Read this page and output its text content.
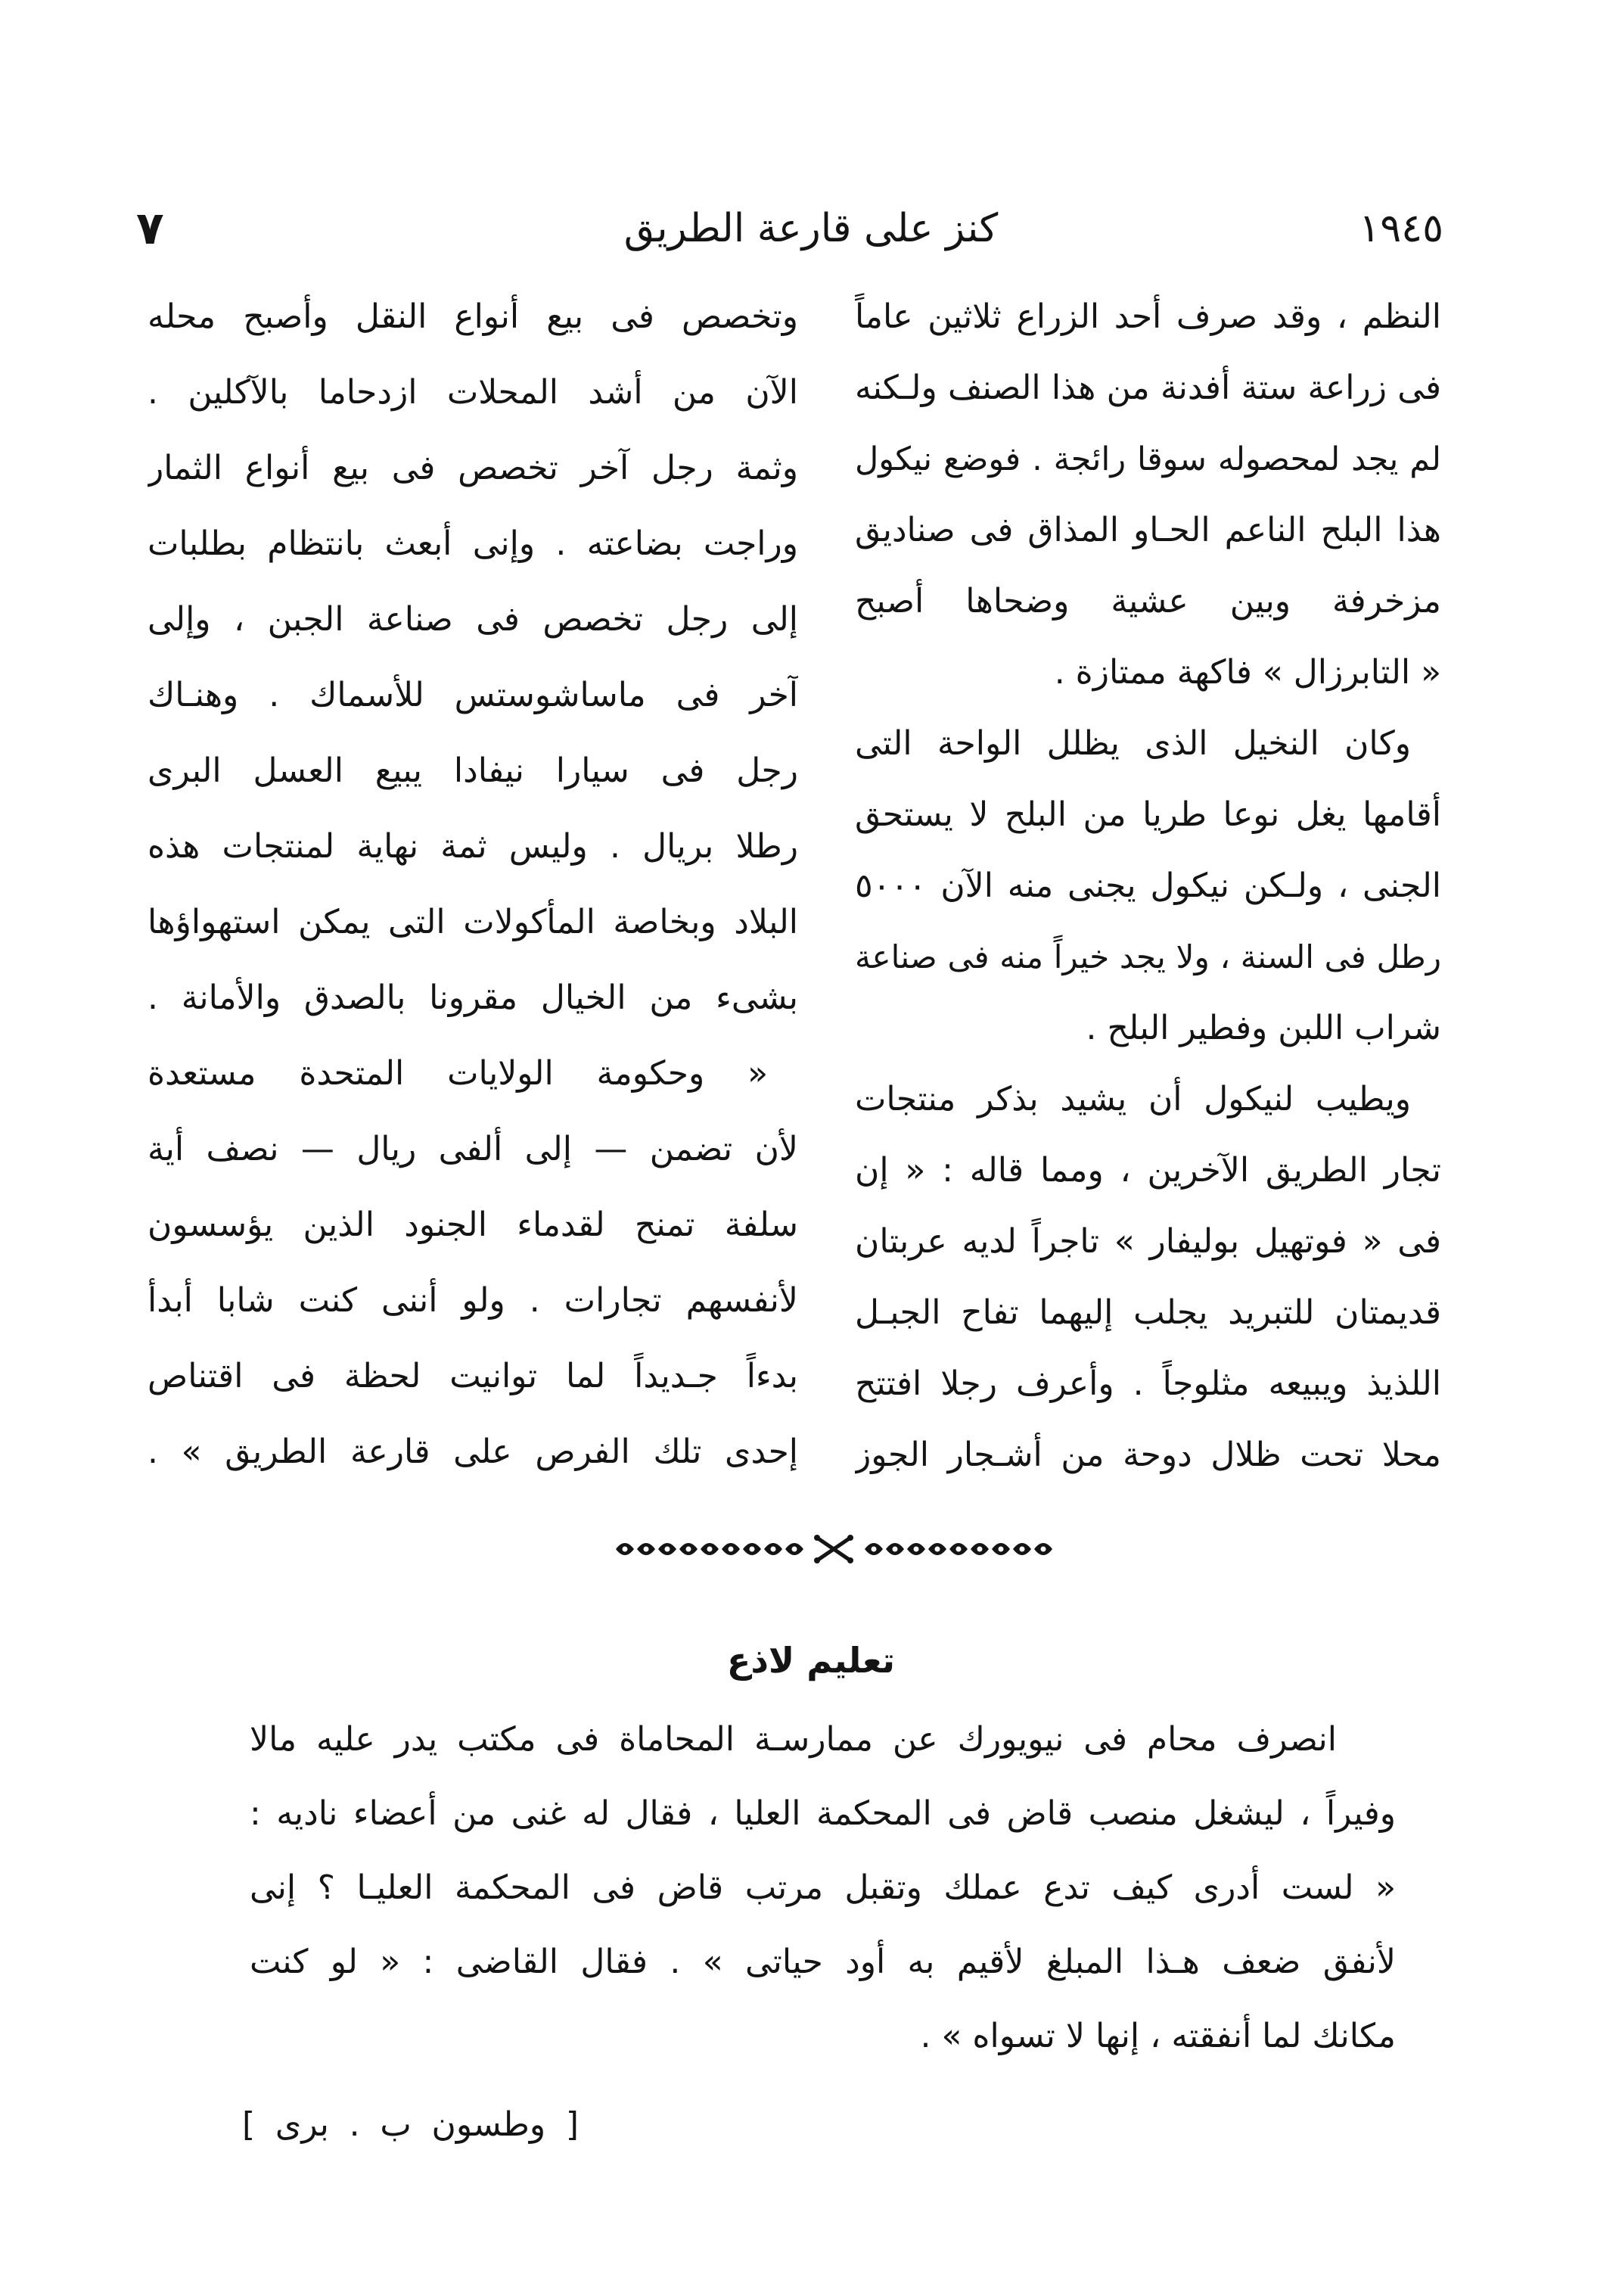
١٩٤٥
كنز على قارعة الطريق
٧
النظم ، وقد صرف أحد الزراع ثلاثين عاماً
فى زراعة ستة أفدنة من هذا الصنف ولـكنه
لم يجد لمحصوله سوقا رائجة . فوضع نيكول
هذا البلح الناعم الحـاو المذاق فى صناديق
مزخرفة وبين عشية وضحاها أصبح
« التابرزال » فاكهة ممتازة .
وكان النخيل الذى يظلل الواحة التى
أقامها يغل نوعا طريا من البلح لا يستحق
الجنى ، ولـكن نيكول يجنى منه الآن ٥٠٠٠
رطل فى السنة ، ولا يجد خيراً منه فى صناعة
شراب اللبن وفطير البلح .
ويطيب لنيكول أن يشيد بذكر منتجات
تجار الطريق الآخرين ، ومما قاله : « إن
فى « فوتهيل بوليفار » تاجراً لديه عربتان
قديمتان للتبريد يجلب إليهما تفاح الجبـل
اللذيذ ويبيعه مثلوجاً . وأعرف رجلا افتتح
محلا تحت ظلال دوحة من أشـجار الجوز
وتخصص فى بيع أنواع النقل وأصبح محله
الآن من أشد المحلات ازدحاما بالآكلين .
وثمة رجل آخر تخصص فى بيع أنواع الثمار
وراجت بضاعته . وإنى أبعث بانتظام بطلبات
إلى رجل تخصص فى صناعة الجبن ، وإلى
آخر فى ماساشوستس للأسماك . وهنـاك
رجل فى سيارا نيفادا يبيع العسل البرى
رطلا بريال . وليس ثمة نهاية لمنتجات هذه
البلاد وبخاصة المأكولات التى يمكن استهواؤها
بشىء من الخيال مقرونا بالصدق والأمانة .
« وحكومة الولايات المتحدة مستعدة
لأن تضمن — إلى ألفى ريال — نصف أية
سلفة تمنح لقدماء الجنود الذين يؤسسون
لأنفسهم تجارات . ولو أننى كنت شابا أبدأ
بدءاً جـديداً لما توانيت لحظة فى اقتناص
إحدى تلك الفرص على قارعة الطريق » .
تعليم لاذع
انصرف محام فى نيويورك عن ممارسـة المحاماة فى مكتب يدر عليه مالا
وفيراً ، ليشغل منصب قاض فى المحكمة العليا ، فقال له غنى من أعضاء ناديه :
« لست أدرى كيف تدع عملك وتقبل مرتب قاض فى المحكمة العليـا ؟ إنى
لأنفق ضعف هـذا المبلغ لأقيم به أود حياتى » . فقال القاضى : « لو كنت
مكانك لما أنفقته ، إنها لا تسواه » .
[ وطسون ب . برى ]
